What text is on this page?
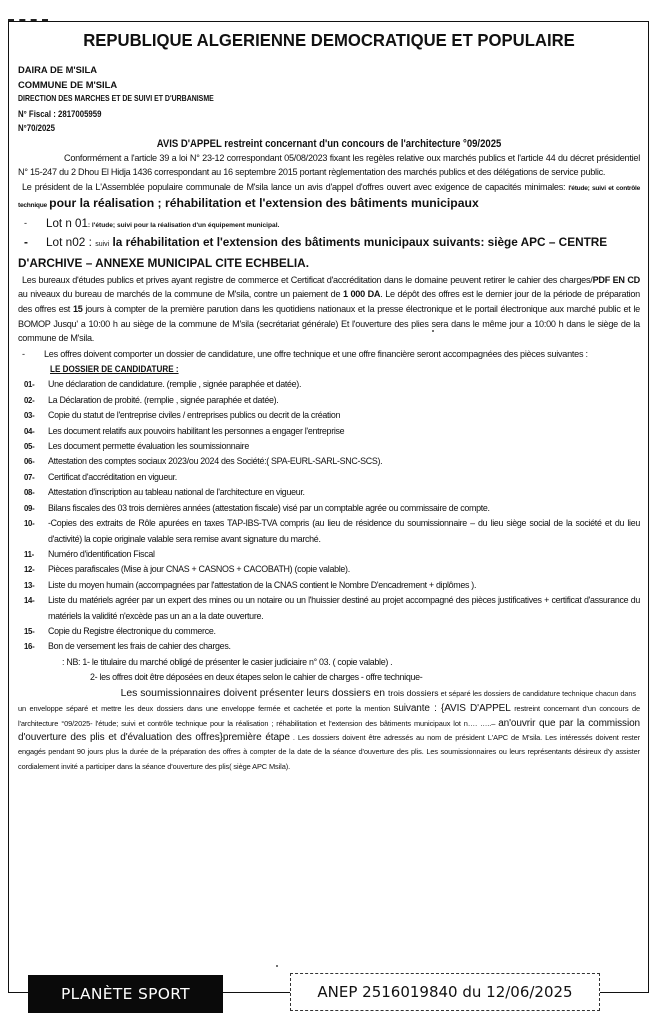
REPUBLIQUE ALGERIENNE DEMOCRATIQUE ET POPULAIRE
DAIRA DE M'SILA
COMMUNE DE M'SILA
DIRECTION DES MARCHES ET DE SUIVI ET D'URBANISME
N° Fiscal : 2817005959
N°70/2025
AVIS D'APPEL restreint concernant d'un concours de l'architecture °09/2025

Conformément a l'article 39 a loi N° 23-12 correspondant 05/08/2023 fixant les regèles relative oux marchés publics et l'article 44 du décret présidentiel N° 15-247 du 2 Dhou El Hidja 1436 correspondant au 16 septembre 2015 portant règlementation des marchés publics et des délégations de service public.

Le président de la L'Assemblée populaire communale de M'sila lance un avis d'appel d'offres ouvert avec exigence de capacités minimales: l'étude; suivi et contrôle technique pour la réalisation ; réhabilitation et l'extension des bâtiments municipaux

-	Lot n 01: l'étude; suivi pour la réalisation d'un équipement municipal.
- Lot n02 : suivi la réhabilitation et l'extension des bâtiments municipaux suivants: siège APC – CENTRE D'ARCHIVE – ANNEXE MUNICIPAL CITE ECHBELIA.

Les bureaux d'études publics et prives ayant registre de commerce et Certificat d'accréditation dans le domaine peuvent retirer le cahier des charges/PDF EN CD au niveaux du bureau de marchés de la commune de M'sila, contre un paiement de 1 000 DA. Le dépôt des offres est le dernier jour de la période de préparation des offres est 15 jours à compter de la première parution dans les quotidiens nationaux et la presse électronique et le portail électronique aux marché public et le BOMOP Jusqu' a 10:00 h au siège de la commune de M'sila (secrétariat générale) Et l'ouverture des plies sera dans le même jour a 10:00 h dans le siège de la commune de M'sila.

-	Les offres doivent comporter un dossier de candidature, une offre technique et une offre financière seront accompagnées des pièces suivantes :
LE DOSSIER DE CANDIDATURE :
01-	Une déclaration de candidature. (remplie , signée paraphée et datée).
02-	La Déclaration de probité. (remplie , signée paraphée et datée).
03-	Copie du statut de l'entreprise civiles / entreprises publics ou decrit de la création
04-	Les document relatifs aux pouvoirs habilitant les personnes a engager l'entreprise
05-	Les document permette évaluation les soumissionnaire
06-	Attestation des comptes sociaux 2023/ou 2024 des Société:( SPA-EURL-SARL-SNC-SCS).
07-	Certificat d'accréditation en vigueur.
08-	Attestation d'inscription au tableau national de l'architecture en vigueur.
09-	Bilans fiscales des 03 trois dernières années (attestation fiscale) visé par un comptable agrée ou commissaire de compte.
10-	-Copies des extraits de Rôle apurées en taxes TAP-IBS-TVA compris (au lieu de résidence du soumissionnaire – du lieu siège social de la société et du lieu d'activité) la copie originale valable sera remise avant signature du marché.
11-	Numéro d'identification Fiscal
12-	Pièces parafiscales (Mise à jour CNAS + CASNOS + CACOBATH) (copie valable).
13-	Liste du moyen humain (accompagnées par l'attestation de la CNAS contient le Nombre D'encadrement + diplômes ).
14-	Liste du matériels agréer par un expert des mines ou un notaire ou un l'huissier destiné au projet accompagné des pièces justificatives + certificat d'assurance du matériels la validité n'excède pas un an a la date ouverture.
15-	Copie du Registre électronique du commerce.
16-	Bon de versement les frais de cahier des charges.
: NB: 1- le titulaire du marché obligé de présenter le casier judiciaire n° 03. ( copie valable) .
2- les offres doit être déposées en deux étapes selon le cahier de charges - offre technique-
Les soumissionnaires doivent présenter leurs dossiers en trois dossiers et séparé les dossiers de candidature technique chacun dans

un enveloppe séparé et mettre les deux dossiers dans une enveloppe fermée et cachetée et porte la mention suivante : {AVIS D'APPEL restreint concernant d'un concours de l'architecture °09/2025- l'étude; suivi et contrôle technique pour la réalisation ; réhabilitation et l'extension des bâtiments municipaux lot n…. …..– an'ouvrir que par la commission d'ouverture des plis et d'évaluation des offres}première étape . Les dossiers doivent être adressés au nom de président L'APC de M'sila. Les intéressés doivent rester engagés pendant 90 jours plus la durée de la préparation des offres à compter de la date de la séance d'ouverture des plis. Les soumissionnaires ou leurs représentants désireux d'y assister cordialement invité a participer dans la séance d'ouverture des plis( siège APC Msila).

PLANÈTE SPORT	ANEP 2516019840 du 12/06/2025
